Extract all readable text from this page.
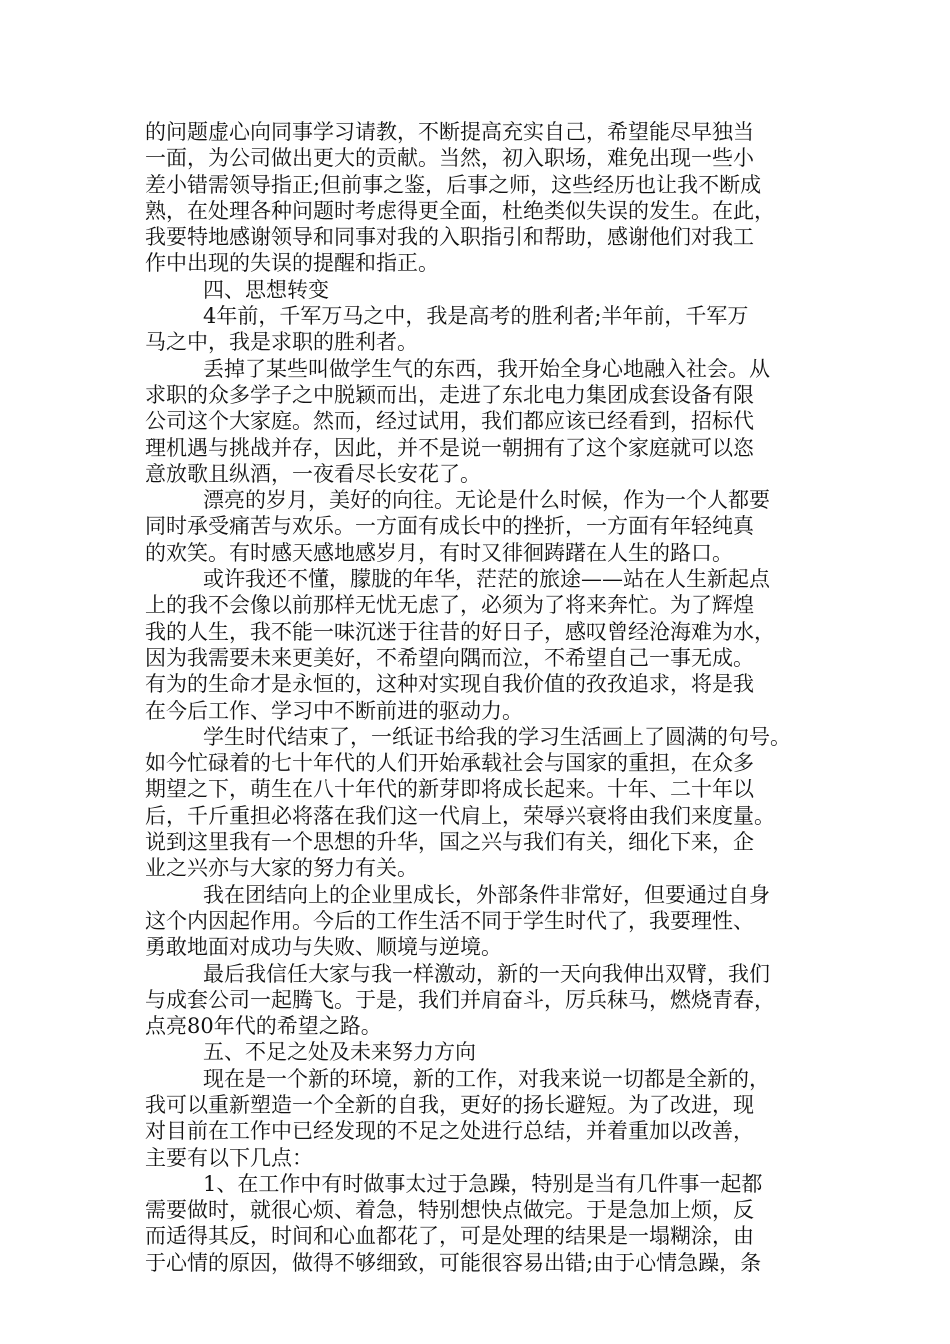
的问题虚心向同事学习请教，不断提高充实自己，希望能尽早独当
一面，为公司做出更大的贡献。当然，初入职场，难免出现一些小
差小错需领导指正;但前事之鉴，后事之师，这些经历也让我不断成
熟，在处理各种问题时考虑得更全面，杜绝类似失误的发生。在此，
我要特地感谢领导和同事对我的入职指引和帮助，感谢他们对我工
作中出现的失误的提醒和指正。
四、思想转变
4年前，千军万马之中，我是高考的胜利者;半年前，千军万
马之中，我是求职的胜利者。
丢掉了某些叫做学生气的东西，我开始全身心地融入社会。从
求职的众多学子之中脱颖而出，走进了东北电力集团成套设备有限
公司这个大家庭。然而，经过试用，我们都应该已经看到，招标代
理机遇与挑战并存，因此，并不是说一朝拥有了这个家庭就可以恣
意放歌且纵酒，一夜看尽长安花了。
漂亮的岁月，美好的向往。无论是什么时候，作为一个人都要
同时承受痛苦与欢乐。一方面有成长中的挫折，一方面有年轻纯真
的欢笑。有时感天感地感岁月，有时又徘徊踌躇在人生的路口。
或许我还不懂，朦胧的年华，茫茫的旅途——站在人生新起点
上的我不会像以前那样无忧无虑了，必须为了将来奔忙。为了辉煌
我的人生，我不能一味沉迷于往昔的好日子，感叹曾经沧海难为水，
因为我需要未来更美好，不希望向隅而泣，不希望自己一事无成。
有为的生命才是永恒的，这种对实现自我价值的孜孜追求，将是我
在今后工作、学习中不断前进的驱动力。
学生时代结束了，一纸证书给我的学习生活画上了圆满的句号。
如今忙碌着的七十年代的人们开始承载社会与国家的重担，在众多
期望之下，萌生在八十年代的新芽即将成长起来。十年、二十年以
后，千斤重担必将落在我们这一代肩上，荣辱兴衰将由我们来度量。
说到这里我有一个思想的升华，国之兴与我们有关，细化下来，企
业之兴亦与大家的努力有关。
我在团结向上的企业里成长，外部条件非常好，但要通过自身
这个内因起作用。今后的工作生活不同于学生时代了，我要理性、
勇敢地面对成功与失败、顺境与逆境。
最后我信任大家与我一样激动，新的一天向我伸出双臂，我们
与成套公司一起腾飞。于是，我们并肩奋斗，厉兵秣马，燃烧青春，
点亮80年代的希望之路。
五、不足之处及未来努力方向
现在是一个新的环境，新的工作，对我来说一切都是全新的，
我可以重新塑造一个全新的自我，更好的扬长避短。为了改进，现
对目前在工作中已经发现的不足之处进行总结，并着重加以改善，
主要有以下几点：
1、在工作中有时做事太过于急躁，特别是当有几件事一起都
需要做时，就很心烦、着急，特别想快点做完。于是急加上烦，反
而适得其反，时间和心血都花了，可是处理的结果是一塌糊涂，由
于心情的原因，做得不够细致，可能很容易出错;由于心情急躁，条
